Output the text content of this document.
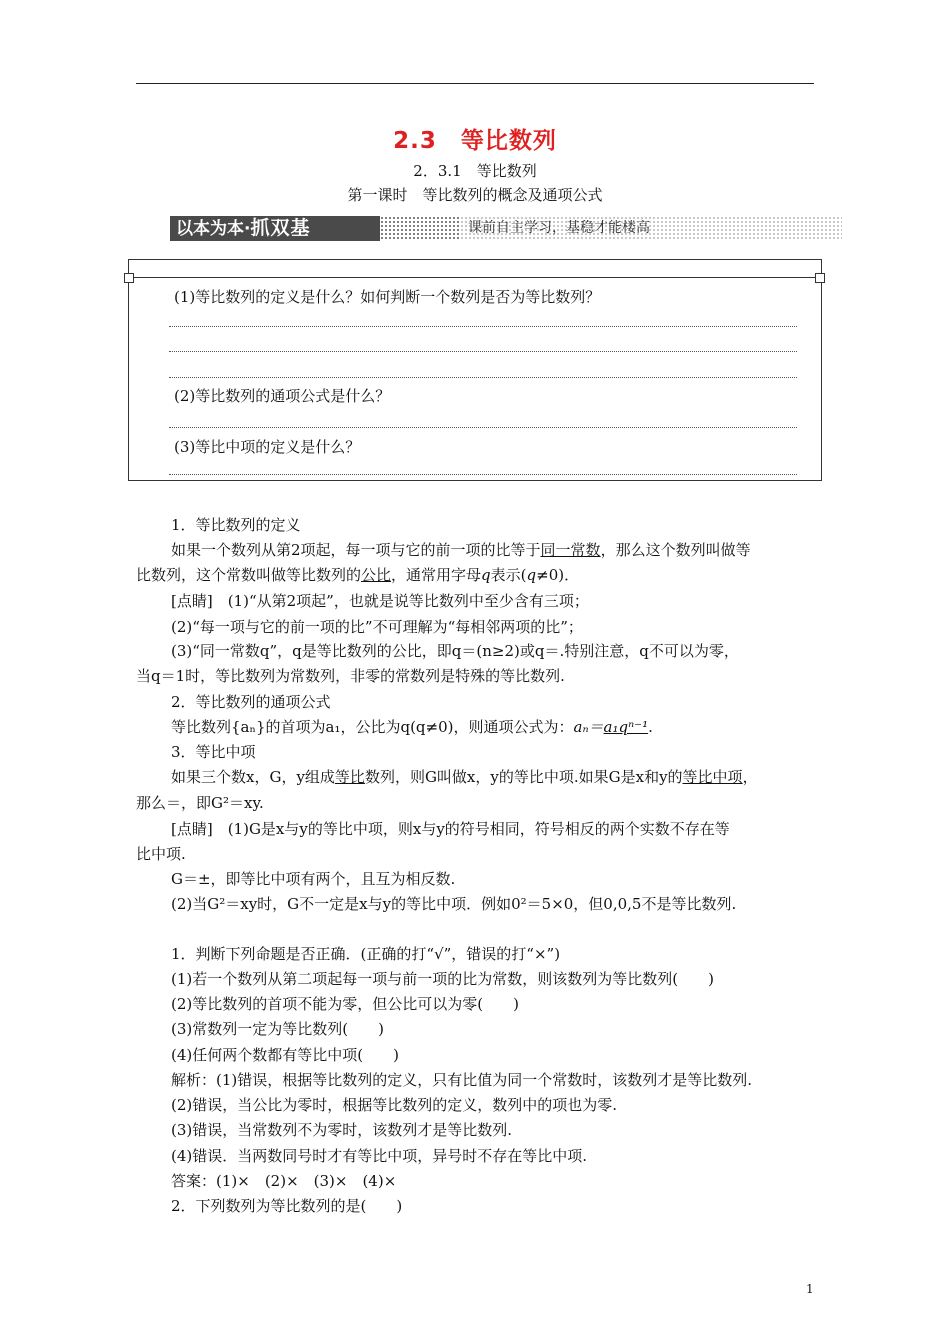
2.3　等比数列
2．3.1　等比数列
第一课时　等比数列的概念及通项公式
以本为本·抓双基	课前自主学习，基稳才能楼高
(1)等比数列的定义是什么？如何判断一个数列是否为等比数列？
(2)等比数列的通项公式是什么？
(3)等比中项的定义是什么？
1．等比数列的定义
如果一个数列从第2项起，每一项与它的前一项的比等于同一常数，那么这个数列叫做等
比数列，这个常数叫做等比数列的公比，通常用字母q表示(q≠0)．
[点睛]　(1)“从第2项起”，也就是说等比数列中至少含有三项；
(2)“每一项与它的前一项的比”不可理解为“每相邻两项的比”；
(3)“同一常数q”，q是等比数列的公比，即q＝(n≥2)或q＝.特别注意，q不可以为零，
当q＝1时，等比数列为常数列，非零的常数列是特殊的等比数列.
2．等比数列的通项公式
等比数列{aₙ}的首项为a₁，公比为q(q≠0)，则通项公式为：aₙ＝a₁qⁿ⁻¹.
3．等比中项
如果三个数x，G，y组成等比数列，则G叫做x，y的等比中项.如果G是x和y的等比中项，
那么＝，即G²＝xy.
[点睛]　(1)G是x与y的等比中项，则x与y的符号相同，符号相反的两个实数不存在等
比中项.
G＝±，即等比中项有两个，且互为相反数.
(2)当G²＝xy时，G不一定是x与y的等比中项．例如0²＝5×0，但0,0,5不是等比数列.
1．判断下列命题是否正确．(正确的打“√”，错误的打“×”)
(1)若一个数列从第二项起每一项与前一项的比为常数，则该数列为等比数列(　　)
(2)等比数列的首项不能为零，但公比可以为零(　　)
(3)常数列一定为等比数列(　　)
(4)任何两个数都有等比中项(　　)
解析：(1)错误，根据等比数列的定义，只有比值为同一个常数时，该数列才是等比数列.
(2)错误，当公比为零时，根据等比数列的定义，数列中的项也为零.
(3)错误，当常数列不为零时，该数列才是等比数列.
(4)错误．当两数同号时才有等比中项，异号时不存在等比中项.
答案：(1)×　(2)×　(3)×　(4)×
2．下列数列为等比数列的是(　　)
1
